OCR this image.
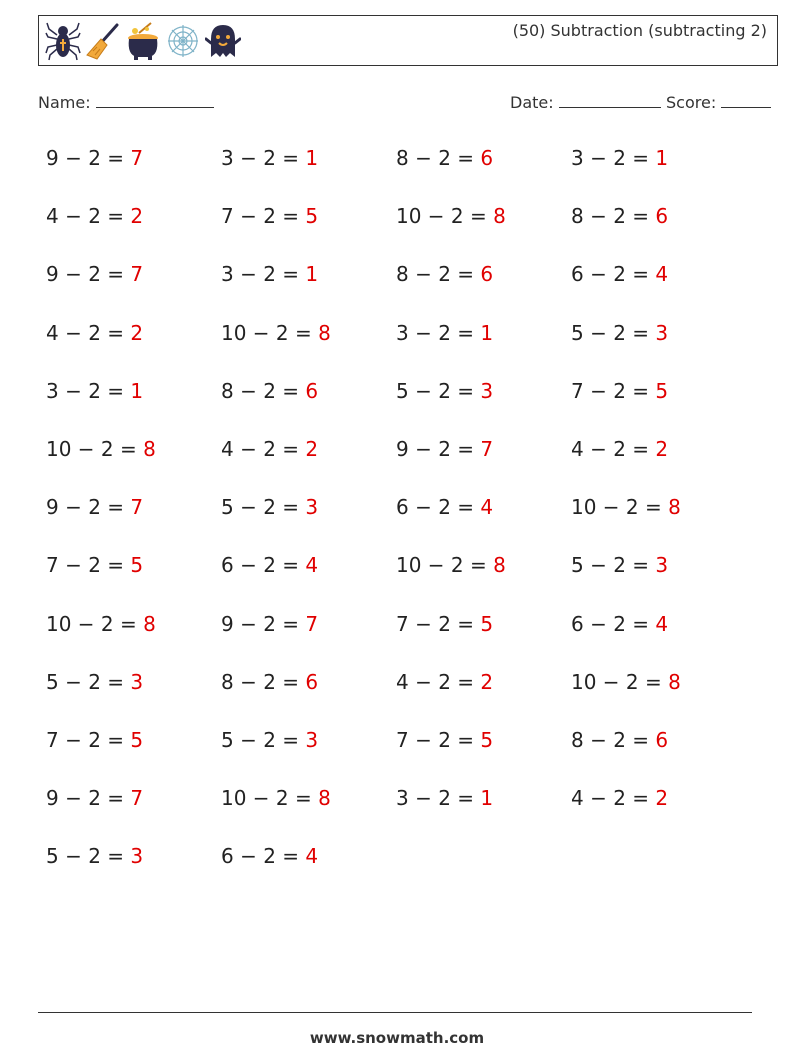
(50) Subtraction (subtracting 2)
Name:	Date:	Score:
9 − 2 = 7	3 − 2 = 1	8 − 2 = 6	3 − 2 = 1
4 − 2 = 2	7 − 2 = 5	10 − 2 = 8	8 − 2 = 6
9 − 2 = 7	3 − 2 = 1	8 − 2 = 6	6 − 2 = 4
4 − 2 = 2	10 − 2 = 8	3 − 2 = 1	5 − 2 = 3
3 − 2 = 1	8 − 2 = 6	5 − 2 = 3	7 − 2 = 5
10 − 2 = 8	4 − 2 = 2	9 − 2 = 7	4 − 2 = 2
9 − 2 = 7	5 − 2 = 3	6 − 2 = 4	10 − 2 = 8
7 − 2 = 5	6 − 2 = 4	10 − 2 = 8	5 − 2 = 3
10 − 2 = 8	9 − 2 = 7	7 − 2 = 5	6 − 2 = 4
5 − 2 = 3	8 − 2 = 6	4 − 2 = 2	10 − 2 = 8
7 − 2 = 5	5 − 2 = 3	7 − 2 = 5	8 − 2 = 6
9 − 2 = 7	10 − 2 = 8	3 − 2 = 1	4 − 2 = 2
5 − 2 = 3	6 − 2 = 4
www.snowmath.com
